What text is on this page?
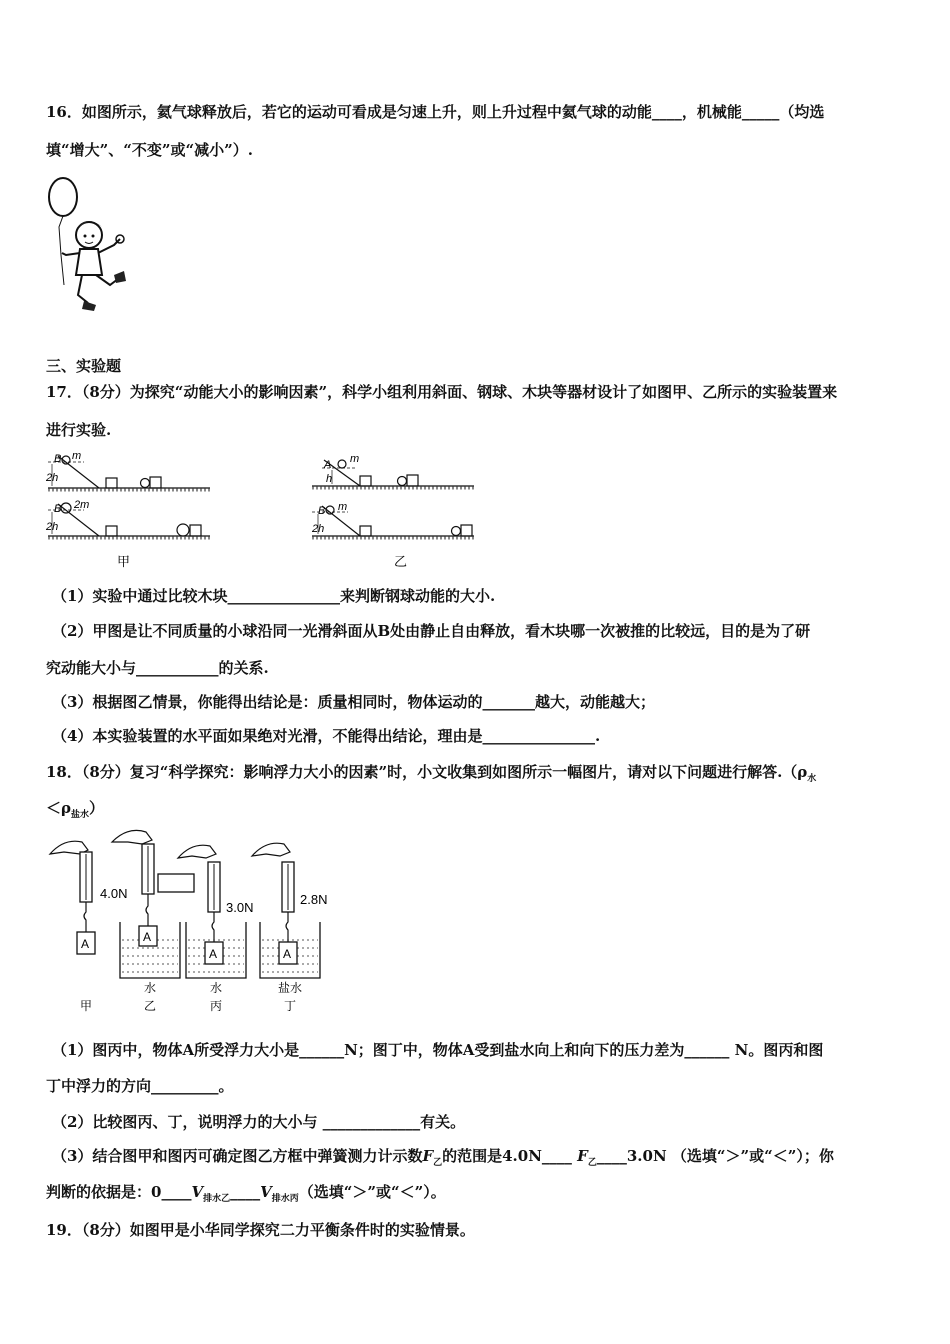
16．如图所示，氦气球释放后，若它的运动可看成是匀速上升，则上升过程中氦气球的动能____，机械能_____（均选
填“增大”、“不变”或“减小”）.
三、实验题
17．（8分）为探究“动能大小的影响因素”，科学小组利用斜面、钢球、木块等器材设计了如图甲、乙所示的实验装置来
进行实验.
B m
2h
B 2m
2h
甲
A m
h
B m
2h
乙
（1）实验中通过比较木块_______________来判断钢球动能的大小.
（2）甲图是让不同质量的小球沿同一光滑斜面从B处由静止自由释放，看木块哪一次被推的比较远，目的是为了研
究动能大小与___________的关系.
（3）根据图乙情景，你能得出结论是：质量相同时，物体运动的_______越大，动能越大；
（4）本实验装置的水平面如果绝对光滑，不能得出结论，理由是_______________.
18．（8分）复习“科学探究：影响浮力大小的因素”时，小文收集到如图所示一幅图片，请对以下问题进行解答$.(\rho_水$
$<\rho_{盐水}$）
4.0N
3.0N
2.8N
A	A
A	A
水	水	盐水
甲	乙	丙	丁
（1）图丙中，物体A所受浮力大小是______N；图丁中，物体A受到盐水向上和向下的压力差为______ N。图丙和图
丁中浮力的方向_________。
（2）比较图丙、丁，说明浮力的大小与 _____________有关。
（3）结合图甲和图丙可确定图乙方框中弹簧测力计示数$F_乙$的范围是4.0N____ $F_乙\_\_\_\_3.0N$ （选填“＞”或“＜”）；你
判断的依据是：$0\_\_\_\_V_{排水乙}\_\_\_\_V_{排水丙}$（选填“＞”或“＜”）。
19．（8分）如图甲是小华同学探究二力平衡条件时的实验情景。
